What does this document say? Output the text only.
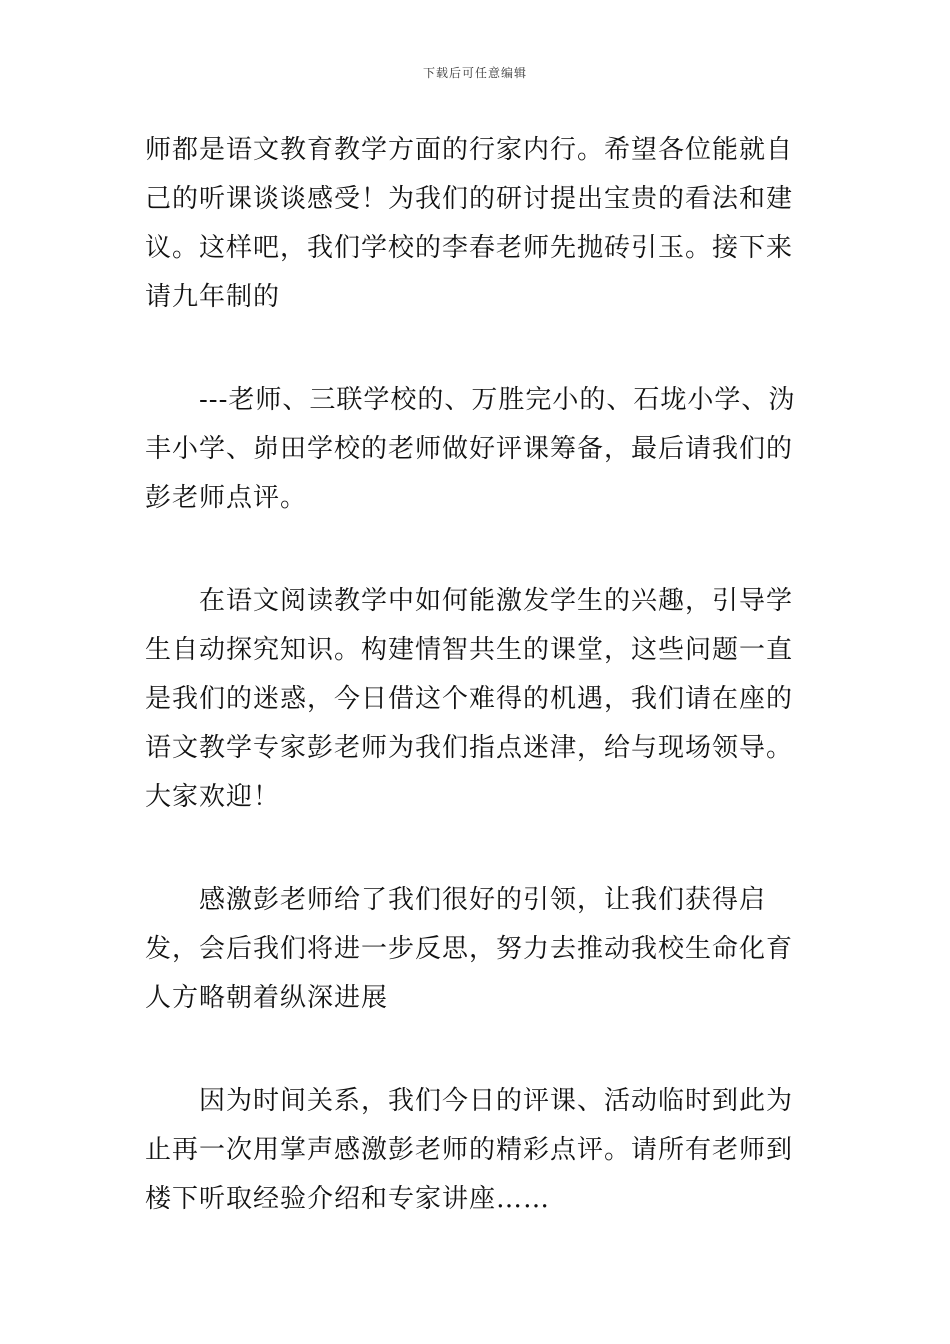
下载后可任意编辑

师都是语文教育教学方面的行家内行。希望各位能就自己的听课谈谈感受！为我们的研讨提出宝贵的看法和建议。这样吧，我们学校的李春老师先抛砖引玉。接下来请九年制的

---老师、三联学校的、万胜完小的、石垅小学、沩丰小学、峁田学校的老师做好评课筹备，最后请我们的彭老师点评。

在语文阅读教学中如何能激发学生的兴趣，引导学生自动探究知识。构建情智共生的课堂，这些问题一直是我们的迷惑，今日借这个难得的机遇，我们请在座的语文教学专家彭老师为我们指点迷津，给与现场领导。大家欢迎！

感激彭老师给了我们很好的引领，让我们获得启发，会后我们将进一步反思，努力去推动我校生命化育人方略朝着纵深进展

因为时间关系，我们今日的评课、活动临时到此为止再一次用掌声感激彭老师的精彩点评。请所有老师到楼下听取经验介绍和专家讲座……
